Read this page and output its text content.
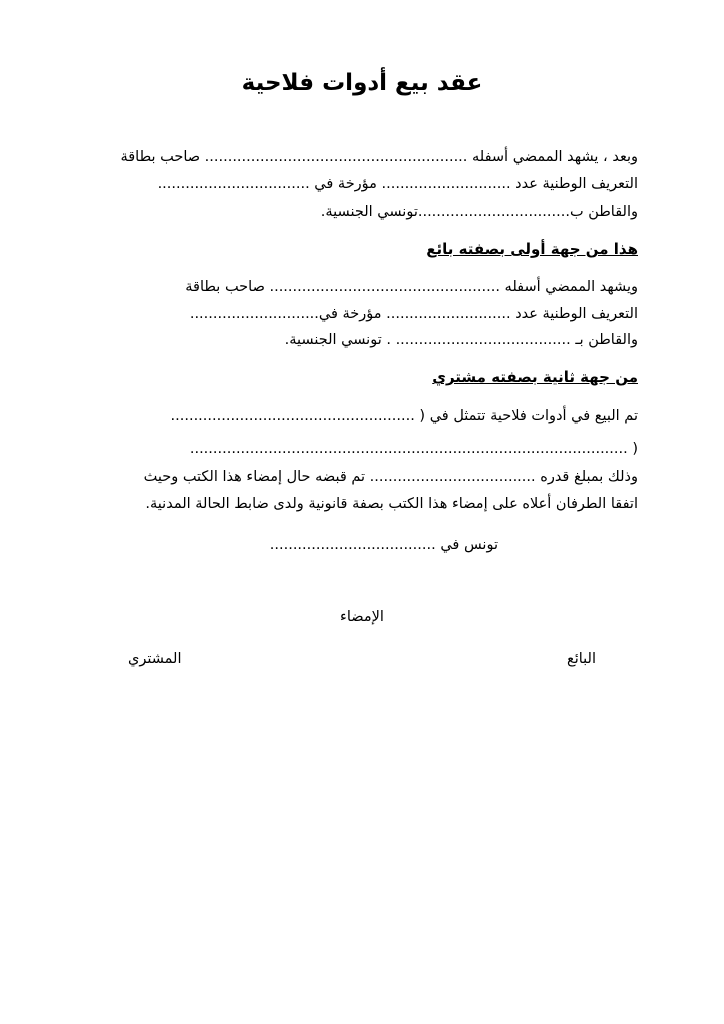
عقد بيع أدوات فلاحية
وبعد ، يشهد الممضي أسفله ......................................................... صاحب بطاقة
التعريف الوطنية عدد ............................ مؤرخة في .................................
والقاطن ب.................................تونسي الجنسية.
هذا من جهة أولى بصفته بائع
ويشهد الممضي أسفله .................................................. صاحب بطاقة
التعريف الوطنية عدد ........................... مؤرخة في............................
والقاطن بـ ...................................... . تونسي الجنسية.
من جهة ثانية بصفته مشتري
تم البيع في أدوات فلاحية تتمثل في ( .....................................................
............................................................................................... )
وذلك بمبلغ قدره .................................... تم قبضه حال إمضاء هذا الكتب وحيث
اتفقا الطرفان أعلاه على إمضاء هذا الكتب بصفة قانونية ولدى ضابط الحالة المدنية.
تونس في ....................................
الإمضاء
البائع
المشتري
